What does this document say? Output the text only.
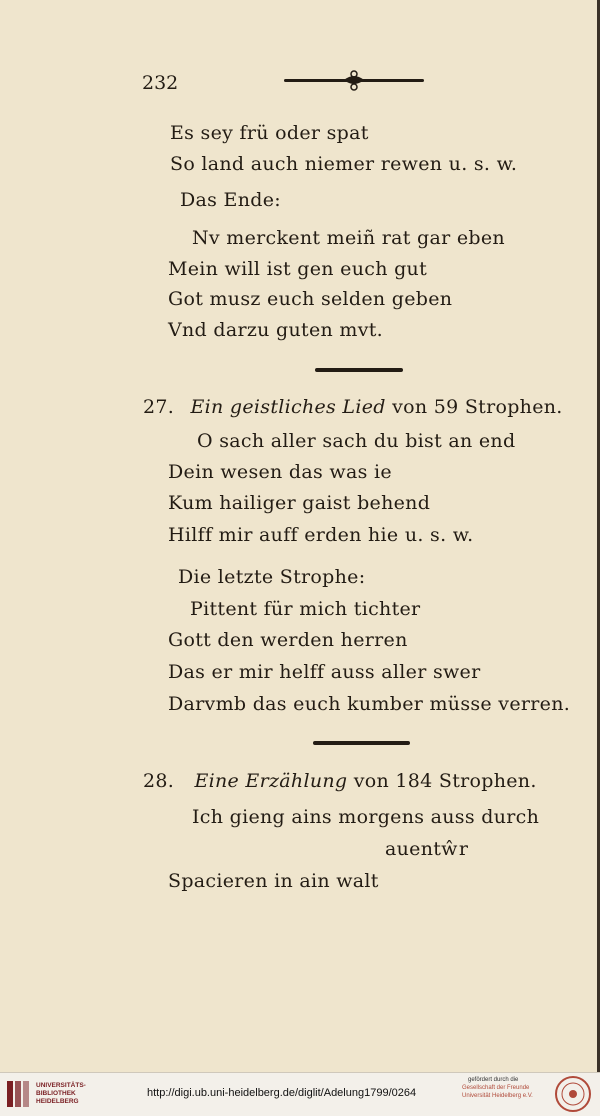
232
Es sey frü oder spat
So land auch niemer rewen u. s. w.
Das Ende:
Nv merckent meiñ rat gar eben
Mein will ist gen euch gut
Got musz euch selden geben
Vnd darzu guten mvt.
27. Ein geistliches Lied von 59 Strophen.
O sach aller sach du bist an end
Dein wesen das was ie
Kum hailiger gaist behend
Hilff mir auff erden hie u. s. w.
Die letzte Strophe:
Pittent für mich tichter
Gott den werden herren
Das er mir helff auss aller swer
Darvmb das euch kumber müsse verren.
28. Eine Erzählung von 184 Strophen.
Ich gieng ains morgens auss durch
auentŵr
Spacieren in ain walt
UNIVERSITÄTS-
BIBLIOTHEK
HEIDELBERG
http://digi.ub.uni-heidelberg.de/diglit/Adelung1799/0264
gefördert durch die
Gesellschaft der Freunde
Universität Heidelberg e.V.
